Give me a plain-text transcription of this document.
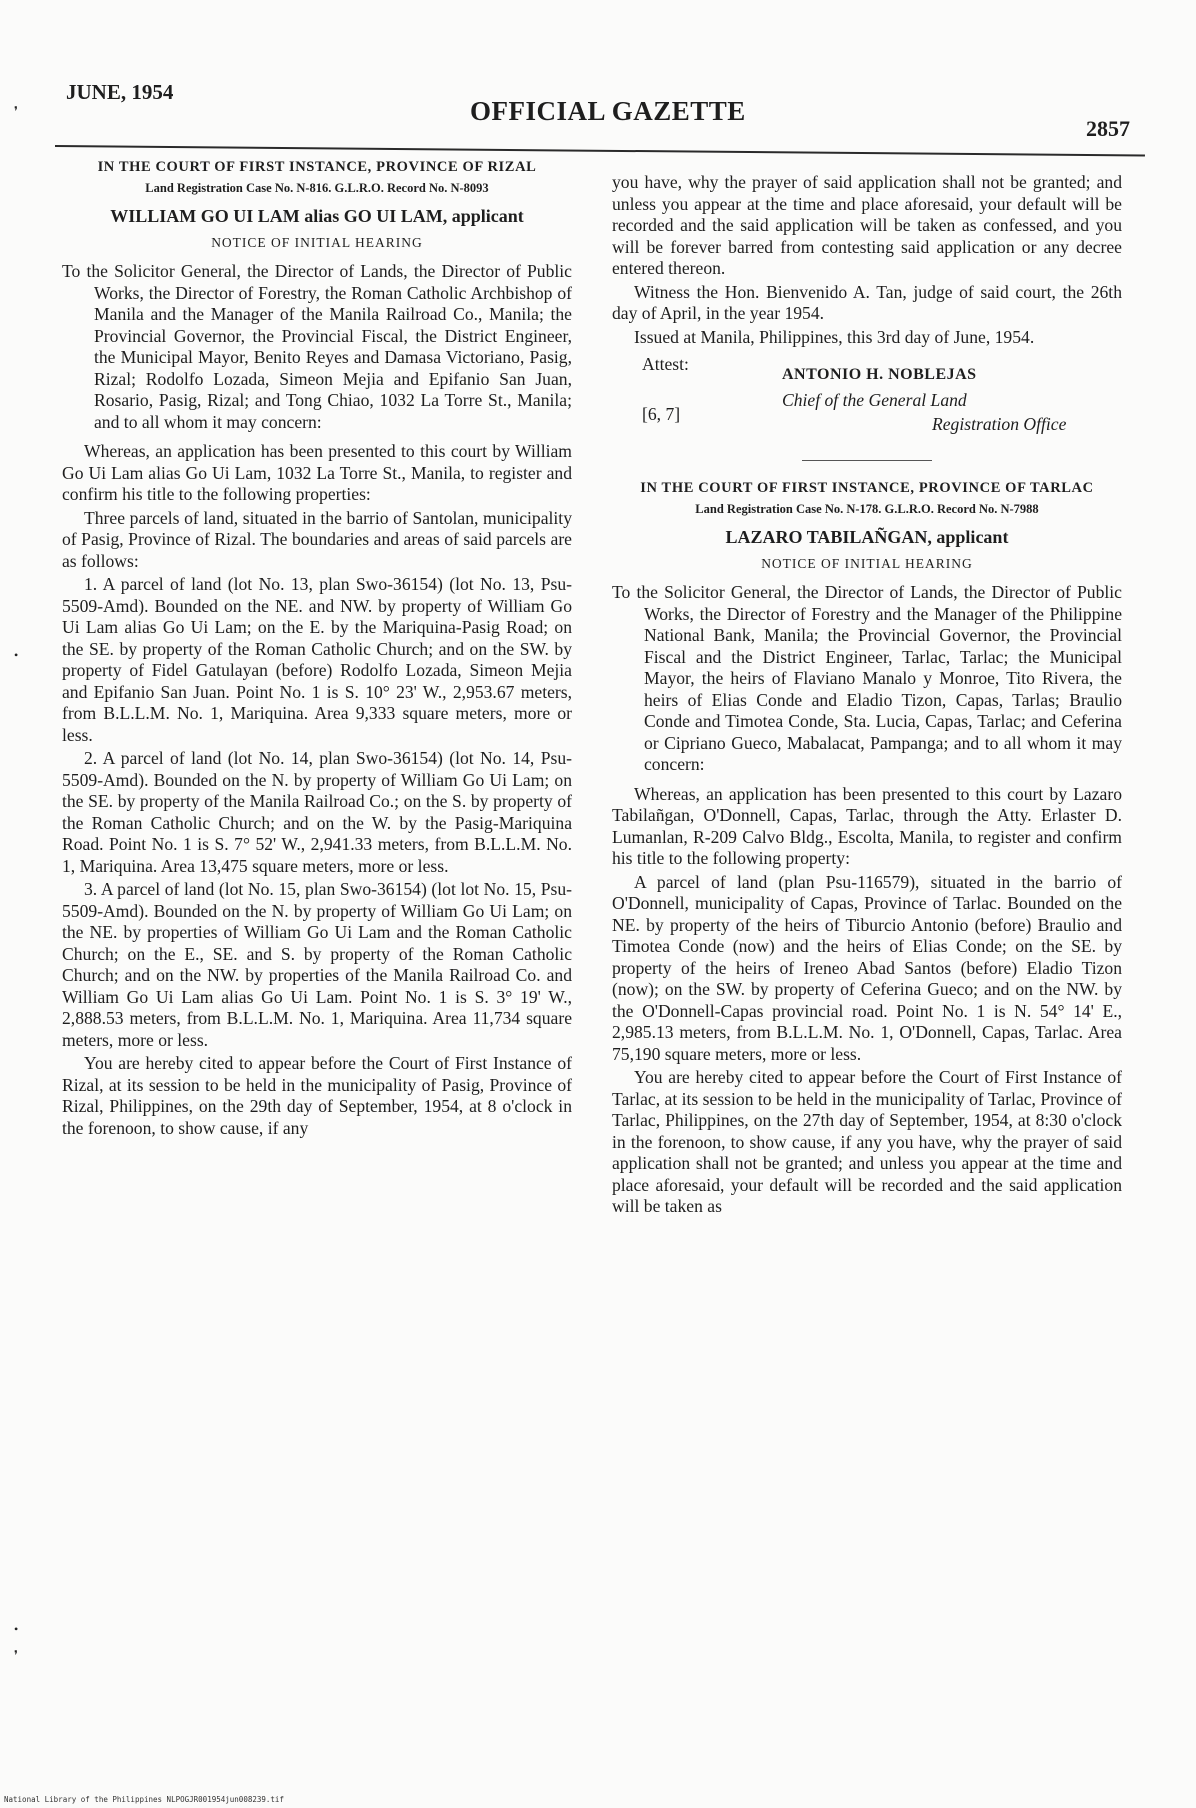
JUNE, 1954
OFFICIAL GAZETTE
2857
❜
•
•
❜
IN THE COURT OF FIRST INSTANCE, PROVINCE OF RIZAL
Land Registration Case No. N-816. G.L.R.O. Record No. N-8093
WILLIAM GO UI LAM alias GO UI LAM, applicant
NOTICE OF INITIAL HEARING

To the Solicitor General, the Director of Lands, the Director of Public Works, the Director of Forestry, the Roman Catholic Archbishop of Manila and the Manager of the Manila Railroad Co., Manila; the Provincial Governor, the Provincial Fiscal, the District Engineer, the Municipal Mayor, Benito Reyes and Damasa Victoriano, Pasig, Rizal; Rodolfo Lozada, Simeon Mejia and Epifanio San Juan, Rosario, Pasig, Rizal; and Tong Chiao, 1032 La Torre St., Manila; and to all whom it may concern:

Whereas, an application has been presented to this court by William Go Ui Lam alias Go Ui Lam, 1032 La Torre St., Manila, to register and confirm his title to the following properties:

Three parcels of land, situated in the barrio of Santolan, municipality of Pasig, Province of Rizal. The boundaries and areas of said parcels are as follows:

1. A parcel of land (lot No. 13, plan Swo-36154) (lot No. 13, Psu-5509-Amd). Bounded on the NE. and NW. by property of William Go Ui Lam alias Go Ui Lam; on the E. by the Mariquina-Pasig Road; on the SE. by property of the Roman Catholic Church; and on the SW. by property of Fidel Gatulayan (before) Rodolfo Lozada, Simeon Mejia and Epifanio San Juan. Point No. 1 is S. 10° 23' W., 2,953.67 meters, from B.L.L.M. No. 1, Mariquina. Area 9,333 square meters, more or less.

2. A parcel of land (lot No. 14, plan Swo-36154) (lot No. 14, Psu-5509-Amd). Bounded on the N. by property of William Go Ui Lam; on the SE. by property of the Manila Railroad Co.; on the S. by property of the Roman Catholic Church; and on the W. by the Pasig-Mariquina Road. Point No. 1 is S. 7° 52' W., 2,941.33 meters, from B.L.L.M. No. 1, Mariquina. Area 13,475 square meters, more or less.

3. A parcel of land (lot No. 15, plan Swo-36154) (lot lot No. 15, Psu-5509-Amd). Bounded on the N. by property of William Go Ui Lam; on the NE. by properties of William Go Ui Lam and the Roman Catholic Church; on the E., SE. and S. by property of the Roman Catholic Church; and on the NW. by properties of the Manila Railroad Co. and William Go Ui Lam alias Go Ui Lam. Point No. 1 is S. 3° 19' W., 2,888.53 meters, from B.L.L.M. No. 1, Mariquina. Area 11,734 square meters, more or less.

You are hereby cited to appear before the Court of First Instance of Rizal, at its session to be held in the municipality of Pasig, Province of Rizal, Philippines, on the 29th day of September, 1954, at 8 o'clock in the forenoon, to show cause, if any

you have, why the prayer of said application shall not be granted; and unless you appear at the time and place aforesaid, your default will be recorded and the said application will be taken as confessed, and you will be forever barred from contesting said application or any decree entered thereon.

Witness the Hon. Bienvenido A. Tan, judge of said court, the 26th day of April, in the year 1954.

Issued at Manila, Philippines, this 3rd day of June, 1954.

Attest:
ANTONIO H. NOBLEJAS
Chief of the General Land
Registration Office
[6, 7]
IN THE COURT OF FIRST INSTANCE, PROVINCE OF TARLAC
Land Registration Case No. N-178. G.L.R.O. Record No. N-7988
LAZARO TABILAÑGAN, applicant
NOTICE OF INITIAL HEARING

To the Solicitor General, the Director of Lands, the Director of Public Works, the Director of Forestry and the Manager of the Philippine National Bank, Manila; the Provincial Governor, the Provincial Fiscal and the District Engineer, Tarlac, Tarlac; the Municipal Mayor, the heirs of Flaviano Manalo y Monroe, Tito Rivera, the heirs of Elias Conde and Eladio Tizon, Capas, Tarlas; Braulio Conde and Timotea Conde, Sta. Lucia, Capas, Tarlac; and Ceferina or Cipriano Gueco, Mabalacat, Pampanga; and to all whom it may concern:

Whereas, an application has been presented to this court by Lazaro Tabilañgan, O'Donnell, Capas, Tarlac, through the Atty. Erlaster D. Lumanlan, R-209 Calvo Bldg., Escolta, Manila, to register and confirm his title to the following property:

A parcel of land (plan Psu-116579), situated in the barrio of O'Donnell, municipality of Capas, Province of Tarlac. Bounded on the NE. by property of the heirs of Tiburcio Antonio (before) Braulio and Timotea Conde (now) and the heirs of Elias Conde; on the SE. by property of the heirs of Ireneo Abad Santos (before) Eladio Tizon (now); on the SW. by property of Ceferina Gueco; and on the NW. by the O'Donnell-Capas provincial road. Point No. 1 is N. 54° 14' E., 2,985.13 meters, from B.L.L.M. No. 1, O'Donnell, Capas, Tarlac. Area 75,190 square meters, more or less.

You are hereby cited to appear before the Court of First Instance of Tarlac, at its session to be held in the municipality of Tarlac, Province of Tarlac, Philippines, on the 27th day of September, 1954, at 8:30 o'clock in the forenoon, to show cause, if any you have, why the prayer of said application shall not be granted; and unless you appear at the time and place aforesaid, your default will be recorded and the said application will be taken as

National Library of the Philippines NLPOGJR001954jun008239.tif
